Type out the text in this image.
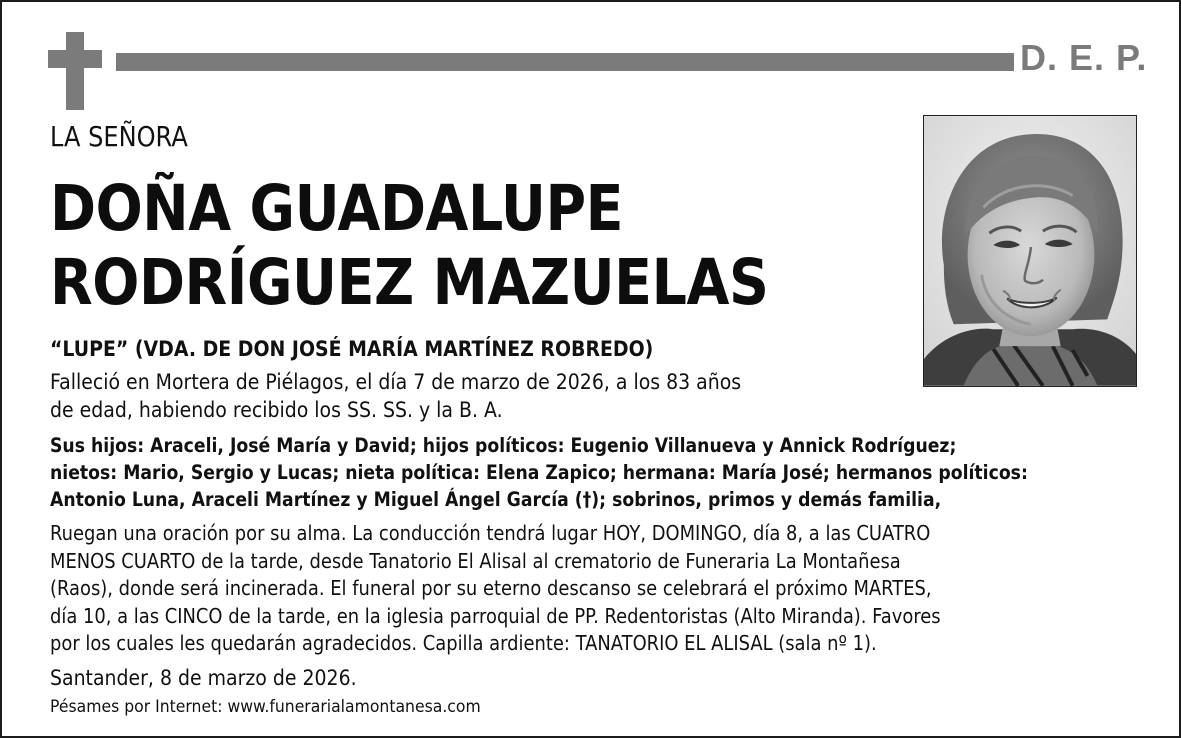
D. E. P.
LA SEÑORA
DOÑA GUADALUPE
RODRÍGUEZ MAZUELAS
“LUPE” (VDA. DE DON JOSÉ MARÍA MARTÍNEZ ROBREDO)
Falleció en Mortera de Piélagos, el día 7 de marzo de 2026, a los 83 años
de edad, habiendo recibido los SS. SS. y la B. A.
Sus hijos: Araceli, José María y David; hijos políticos: Eugenio Villanueva y Annick Rodríguez;
nietos: Mario, Sergio y Lucas; nieta política: Elena Zapico; hermana: María José; hermanos políticos:
Antonio Luna, Araceli Martínez y Miguel Ángel García (†); sobrinos, primos y demás familia,
Ruegan una oración por su alma. La conducción tendrá lugar HOY, DOMINGO, día 8, a las CUATRO
MENOS CUARTO de la tarde, desde Tanatorio El Alisal al crematorio de Funeraria La Montañesa
(Raos), donde será incinerada. El funeral por su eterno descanso se celebrará el próximo MARTES,
día 10, a las CINCO de la tarde, en la iglesia parroquial de PP. Redentoristas (Alto Miranda). Favores
por los cuales les quedarán agradecidos. Capilla ardiente: TANATORIO EL ALISAL (sala nº 1).
Santander, 8 de marzo de 2026.
Pésames por Internet: www.funerarialamontanesa.com
